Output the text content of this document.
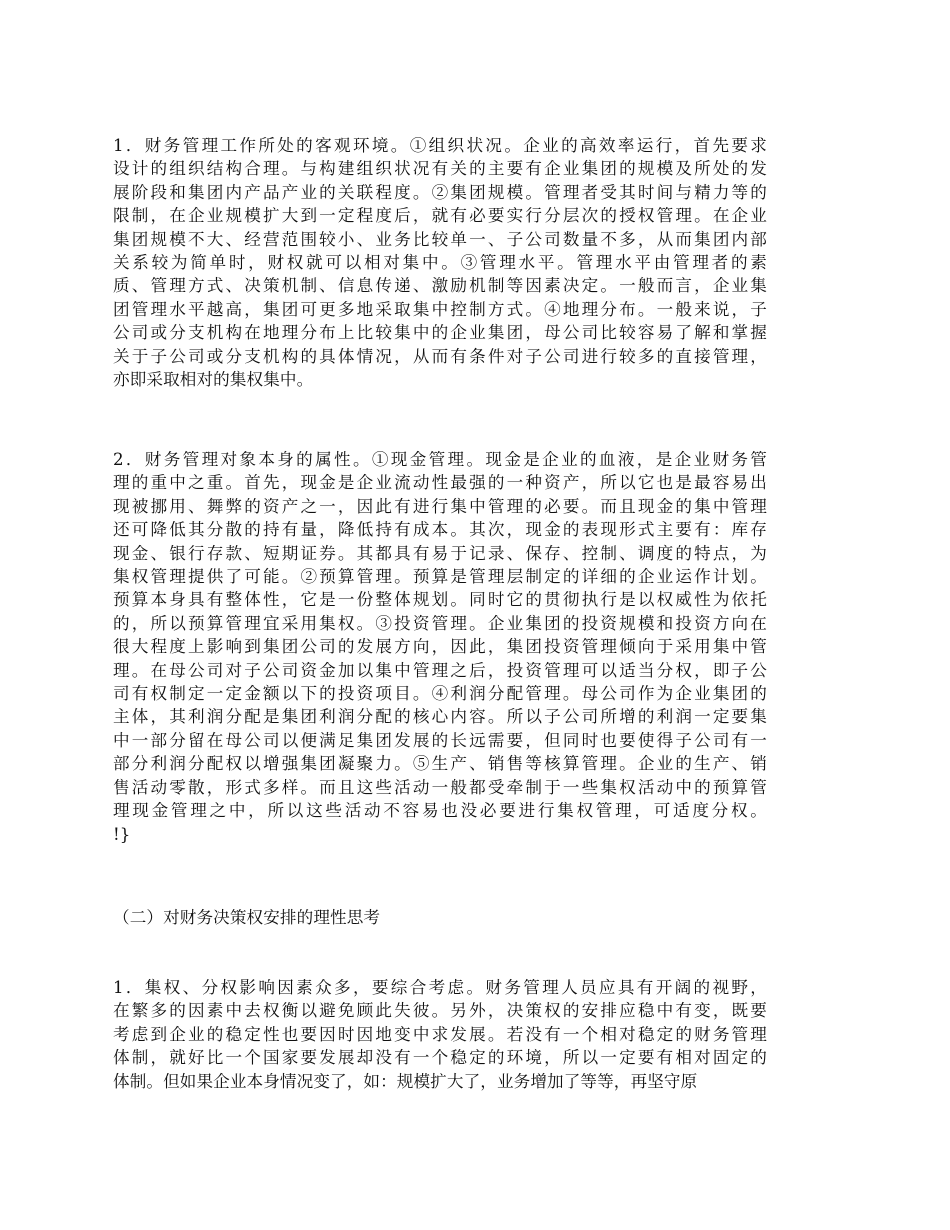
1．财务管理工作所处的客观环境。①组织状况。企业的高效率运行，首先要求
设计的组织结构合理。与构建组织状况有关的主要有企业集团的规模及所处的发
展阶段和集团内产品产业的关联程度。②集团规模。管理者受其时间与精力等的
限制，在企业规模扩大到一定程度后，就有必要实行分层次的授权管理。在企业
集团规模不大、经营范围较小、业务比较单一、子公司数量不多，从而集团内部
关系较为简单时，财权就可以相对集中。③管理水平。管理水平由管理者的素
质、管理方式、决策机制、信息传递、激励机制等因素决定。一般而言，企业集
团管理水平越高，集团可更多地采取集中控制方式。④地理分布。一般来说，子
公司或分支机构在地理分布上比较集中的企业集团，母公司比较容易了解和掌握
关于子公司或分支机构的具体情况，从而有条件对子公司进行较多的直接管理，
亦即采取相对的集权集中。
2．财务管理对象本身的属性。①现金管理。现金是企业的血液，是企业财务管
理的重中之重。首先，现金是企业流动性最强的一种资产，所以它也是最容易出
现被挪用、舞弊的资产之一，因此有进行集中管理的必要。而且现金的集中管理
还可降低其分散的持有量，降低持有成本。其次，现金的表现形式主要有：库存
现金、银行存款、短期证券。其都具有易于记录、保存、控制、调度的特点，为
集权管理提供了可能。②预算管理。预算是管理层制定的详细的企业运作计划。
预算本身具有整体性，它是一份整体规划。同时它的贯彻执行是以权威性为依托
的，所以预算管理宜采用集权。③投资管理。企业集团的投资规模和投资方向在
很大程度上影响到集团公司的发展方向，因此，集团投资管理倾向于采用集中管
理。在母公司对子公司资金加以集中管理之后，投资管理可以适当分权，即子公
司有权制定一定金额以下的投资项目。④利润分配管理。母公司作为企业集团的
主体，其利润分配是集团利润分配的核心内容。所以子公司所增的利润一定要集
中一部分留在母公司以便满足集团发展的长远需要，但同时也要使得子公司有一
部分利润分配权以增强集团凝聚力。⑤生产、销售等核算管理。企业的生产、销
售活动零散，形式多样。而且这些活动一般都受牵制于一些集权活动中的预算管
理现金管理之中，所以这些活动不容易也没必要进行集权管理，可适度分权。
!}
（二）对财务决策权安排的理性思考
1．集权、分权影响因素众多，要综合考虑。财务管理人员应具有开阔的视野，
在繁多的因素中去权衡以避免顾此失彼。另外，决策权的安排应稳中有变，既要
考虑到企业的稳定性也要因时因地变中求发展。若没有一个相对稳定的财务管理
体制，就好比一个国家要发展却没有一个稳定的环境，所以一定要有相对固定的
体制。但如果企业本身情况变了，如：规模扩大了，业务增加了等等，再坚守原
